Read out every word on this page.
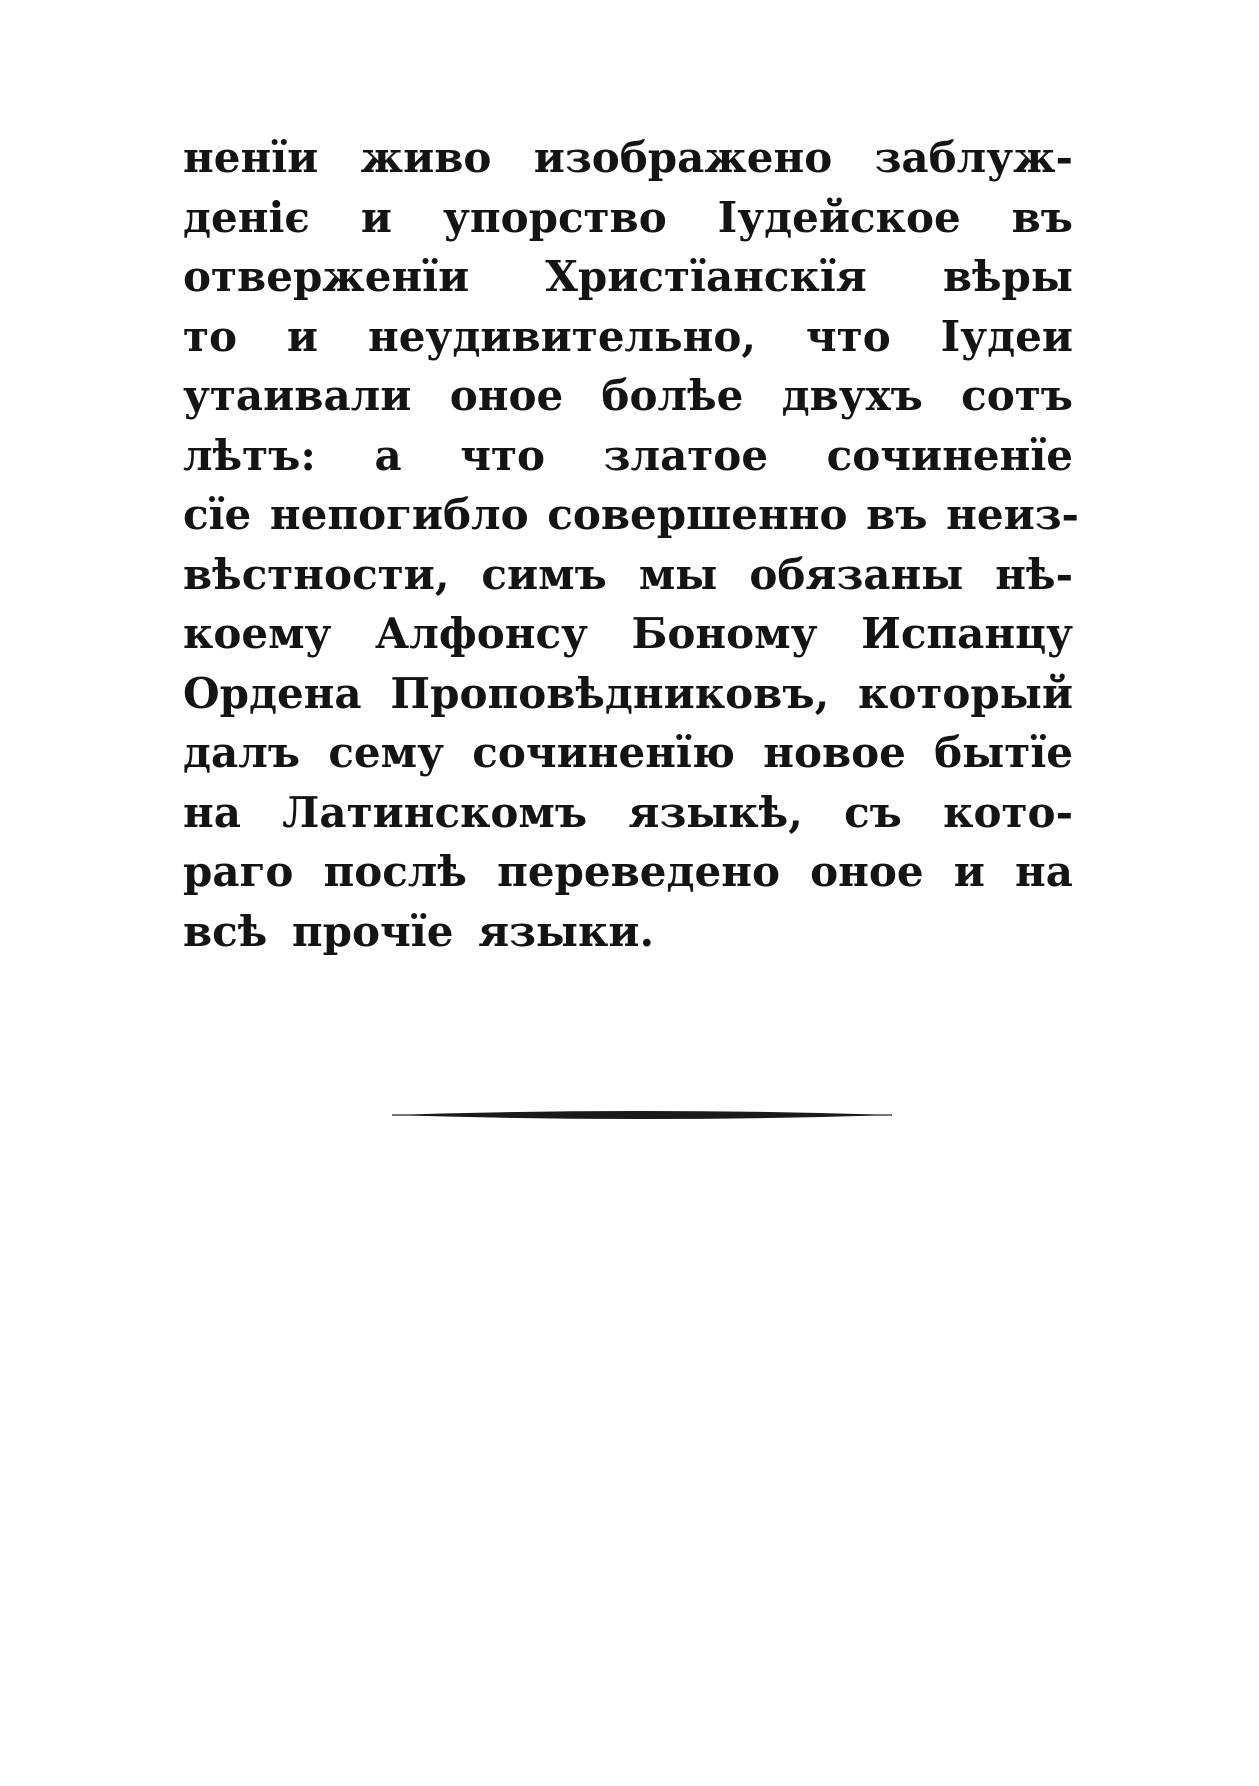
ненїи живо изображено заблуж-
деніє и упорство Іудейское въ
отверженїи Христїанскїя вѣры
то и неудивительно, что Іудеи
утаивали оное болѣе двухъ сотъ
лѣтъ: а что златое сочиненїе
сїе непогибло совершенно въ неиз-
вѣстности, симъ мы обязаны нѣ-
коему Алфонсу Боному Испанцу
Ордена Проповѣдниковъ, который
далъ сему сочиненїю новое бытїе
на Латинскомъ языкѣ, съ кото-
раго послѣ переведено оное и на
всѣ прочїе языки.
